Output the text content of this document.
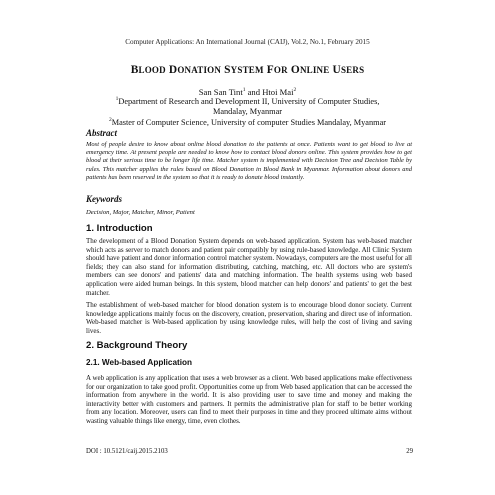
Computer Applications: An International Journal (CAIJ), Vol.2, No.1, February 2015
BLOOD DONATION SYSTEM FOR ONLINE USERS
San San Tint$^1$ and Htoi Mai$^2$
$^1$Department of Research and Development II, University of Computer Studies,
Mandalay, Myanmar
$^2$Master of Computer Science, University of computer Studies Mandalay, Myanmar
Abstract
Most of people desire to know about online blood donation to the patients at once. Patients want to get blood to live at emergency time. At present people are needed to know how to contact blood donors online. This system provides how to get blood at their serious time to be longer life time. Matcher system is implemented with Decision Tree and Decision Table by rules. This matcher applies the rules based on Blood Donation in Blood Bank in Myanmar. Information about donors and patients has been reserved in the system so that it is ready to donate blood instantly.
Keywords
Decision, Major, Matcher, Minor, Patient
1. Introduction
The development of a Blood Donation System depends on web-based application. System has web-based matcher which acts as server to match donors and patient pair compatibly by using rule-based knowledge. All Clinic System should have patient and donor information control matcher system. Nowadays, computers are the most useful for all fields; they can also stand for information distributing, catching, matching, etc. All doctors who are system's members can see donors' and patients' data and matching information. The health systems using web based application were aided human beings. In this system, blood matcher can help donors' and patients' to get the best matcher.
The establishment of web-based matcher for blood donation system is to encourage blood donor society. Current knowledge applications mainly focus on the discovery, creation, preservation, sharing and direct use of information. Web-based matcher is Web-based application by using knowledge rules, will help the cost of living and saving lives.
2. Background Theory
2.1. Web-based Application
A web application is any application that uses a web browser as a client. Web based applications make effectiveness for our organization to take good profit. Opportunities come up from Web based application that can be accessed the information from anywhere in the world. It is also providing user to save time and money and making the interactivity better with customers and partners. It permits the administrative plan for staff to be better working from any location. Moreover, users can find to meet their purposes in time and they proceed ultimate aims without wasting valuable things like energy, time, even clothes.
DOI : 10.5121/caij.2015.2103	29
